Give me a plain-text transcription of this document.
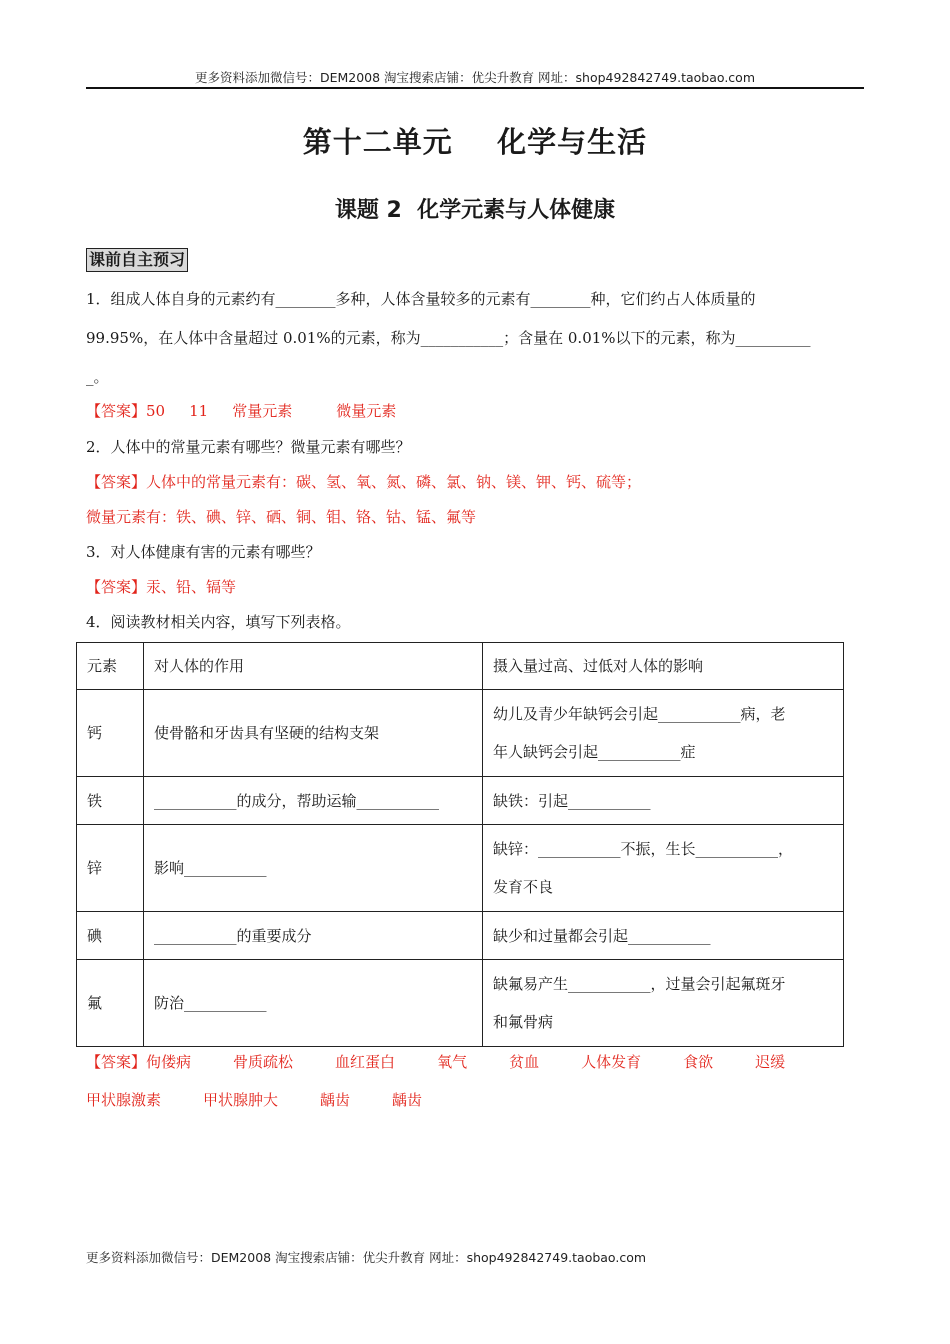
更多资料添加微信号：DEM2008 淘宝搜索店铺：优尖升教育 网址：shop492842749.taobao.com
第十二单元    化学与生活
课题 2  化学元素与人体健康
课前自主预习
1．组成人体自身的元素约有________多种，人体含量较多的元素有________种，它们约占人体质量的
99.95%，在人体中含量超过 0.01%的元素，称为___________；含量在 0.01%以下的元素，称为__________
_。
【答案】50 11 常量元素	微量元素
2．人体中的常量元素有哪些？微量元素有哪些？
【答案】人体中的常量元素有：碳、氢、氧、氮、磷、氯、钠、镁、钾、钙、硫等；
微量元素有：铁、碘、锌、硒、铜、钼、铬、钴、锰、氟等
3．对人体健康有害的元素有哪些？
【答案】汞、铅、镉等
4．阅读教材相关内容，填写下列表格。
元素	对人体的作用	摄入量过高、过低对人体的影响
钙	使骨骼和牙齿具有坚硬的结构支架	幼儿及青少年缺钙会引起___________病，老
年人缺钙会引起___________症

铁	___________的成分，帮助运输___________	缺铁：引起___________

锌	影响___________	缺锌：___________不振，生长___________，
发育不良

碘	___________的重要成分	缺少和过量都会引起___________

氟	防治___________	缺氟易产生___________，过量会引起氟斑牙
和氟骨病
【答案】佝偻病	骨质疏松	血红蛋白	氧气	贫血	人体发育	食欲	迟缓
甲状腺激素	甲状腺肿大	龋齿	龋齿
更多资料添加微信号：DEM2008 淘宝搜索店铺：优尖升教育 网址：shop492842749.taobao.com
